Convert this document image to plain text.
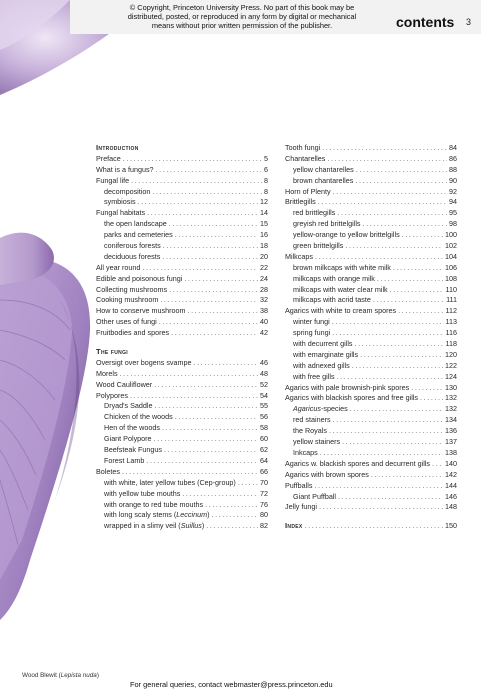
© Copyright, Princeton University Press. No part of this book may be
distributed, posted, or reproduced in any form by digital or mechanical
means without prior written permission of the publisher.	contents 3
Introduction
Preface .....	5
What is a fungus? .....	6
Fungal life .....	8
decomposition .....	8
symbiosis .....	12
Fungal habitats .....	14
the open landscape .....	15
parks and cemeteries .....	16
coniferous forests .....	18
deciduous forests .....	20
All year round .....	22
Edible and poisonous fungi .....	24
Collecting mushrooms .....	28
Cooking mushroom .....	32
How to conserve mushroom .....	38
Other uses of fungi .....	40
Fruitbodies and spores .....	42
The fungi
Oversigt over bogens svampe .....	46
Morels .....	48
Wood Cauliflower .....	52
Polypores .....	54
Dryad's Saddle .....	55
Chicken of the woods .....	56
Hen of the woods .....	58
Giant Polypore .....	60
Beefsteak Fungus .....	62
Forest Lamb .....	64
Boletes .....	66
with white, later yellow tubes (Cep-group) .....	70
with yellow tube mouths .....	72
with orange to red tube mouths .....	76
with long scaly stems (Leccinum) .....	80
wrapped in a slimy veil (Suillus) .....	82
Tooth fungi .....	84
Chantarelles .....	86
yellow chantarelles .....	88
brown chantarelles .....	90
Horn of Plenty .....	92
Brittlegills .....	94
red brittlegills .....	95
greyish red brittelgills .....	98
yellow-orange to yellow brittelgills .....	100
green brittelgills .....	102
Milkcaps .....	104
brown milkcaps with white milk .....	106
milkcaps with orange milk .....	108
milkcaps with water clear milk .....	110
milkcaps with acrid taste .....	111
Agarics with white to cream spores .....	112
winter fungi .....	113
spring fungi .....	116
with decurrent gills .....	118
with emarginate gills .....	120
with adnexed gills .....	122
with free gills .....	124
Agarics with pale brownish-pink spores .....	130
Agarics with blackish spores and free gills .....	132
Agaricus-species .....	132
red stainers .....	134
the Royals .....	136
yellow stainers .....	137
Inkcaps .....	138
Agarics w. blackish spores and decurrent gills ..... 140
Agarics with brown spores .....	142
Puffballs .....	144
Giant Puffball .....	146
Jelly fungi .....	148
Index .....	150
Wood Blewit (Lepista nuda)
For general queries, contact webmaster@press.princeton.edu
